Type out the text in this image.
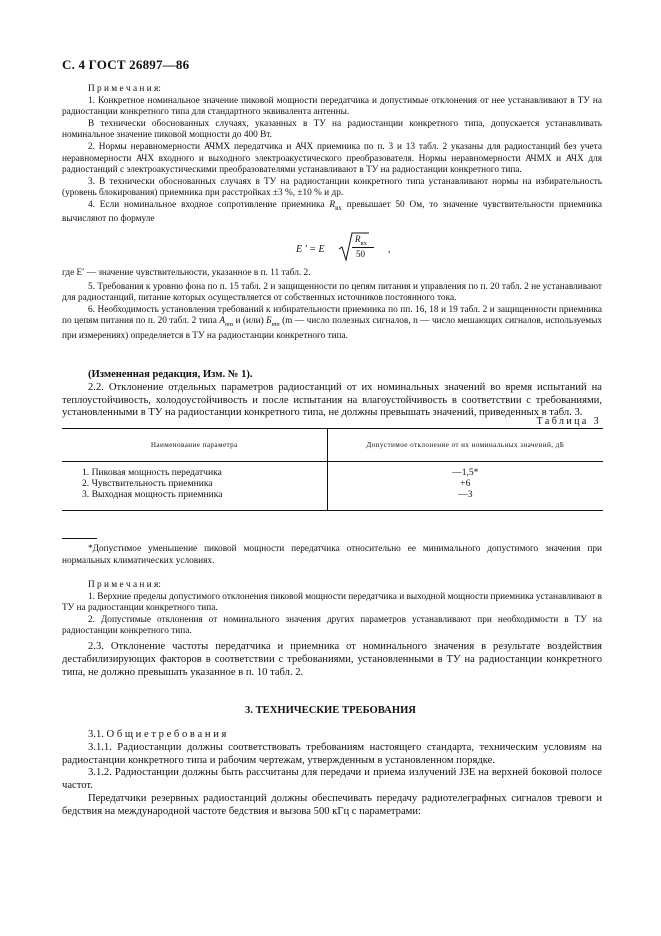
С. 4 ГОСТ 26897—86

П р и м е ч а н и я:

1. Конкретное номинальное значение пиковой мощности передатчика и допустимые отклонения от нее устанавливают в ТУ на радиостанции конкретного типа для стандартного эквивалента антенны.

В технически обоснованных случаях, указанных в ТУ на радиостанции конкретного типа, допускается устанавливать номинальное значение пиковой мощности до 400 Вт.

2. Нормы неравномерности АЧМХ передатчика и АЧХ приемника по п. 3 и 13 табл. 2 указаны для радиостанций без учета неравномерности АЧХ входного и выходного электроакустического преобразователя. Нормы неравномерности АЧМХ и АЧХ для радиостанций с электроакустическими преобразователями устанавливают в ТУ на радиостанции конкретного типа.

3. В технически обоснованных случаях в ТУ на радиостанции конкретного типа устанавливают нормы на избирательность (уровень блокирования) приемника при расстройках ±3 %, ±10 % и др.

4. Если номинальное входное сопротивление приемника $R_{вх}$ превышает 50 Ом, то значение чувствительности приемника вычисляют по формуле

E ′ = E
$R_{вх}$
50 ,

где E′ — значение чувствительности, указанное в п. 11 табл. 2.

5. Требования к уровню фона по п. 15 табл. 2 и защищенности по цепям питания и управления по п. 20 табл. 2 не устанавливают для радиостанций, питание которых осуществляется от собственных источников постоянного тока.

6. Необходимость установления требований к избирательности приемника по пп. 16, 18 и 19 табл. 2 и защищенности приемника по цепям питания по п. 20 табл. 2 типа $A_{mn}$ и (или) $Б_{mn}$ (m — число полезных сигналов, n — число мешающих сигналов, используемых при измерениях) определяется в ТУ на радиостанции конкретного типа.

(Измененная редакция, Изм. № 1).

2.2. Отклонение отдельных параметров радиостанций от их номинальных значений во время испытаний на теплоустойчивость, холодоустойчивость и после испытания на влагоустойчивость в соответствии с требованиями, установленными в ТУ на радиостанции конкретного типа, не должны превышать значений, приведенных в табл. 3.

Таблица 3
Наименование параметра	Допустимое отклонение от их номинальных значений, дБ
1. Пиковая мощность передатчика	—1,5*
2. Чувствительность приемника	+6
3. Выходная мощность приемника	—3

*Допустимое уменьшение пиковой мощности передатчика относительно ее минимального допустимого значения при нормальных климатических условиях.

П р и м е ч а н и я:

1. Верхние пределы допустимого отклонения пиковой мощности передатчика и выходной мощности приемника устанавливают в ТУ на радиостанции конкретного типа.

2. Допустимые отклонения от номинального значения других параметров устанавливают при необходимости в ТУ на радиостанции конкретного типа.

2.3. Отклонение частоты передатчика и приемника от номинального значения в результате воздействия дестабилизирующих факторов в соответствии с требованиями, установленными в ТУ на радиостанции конкретного типа, не должно превышать указанное в п. 10 табл. 2.

3. ТЕХНИЧЕСКИЕ ТРЕБОВАНИЯ

3.1. О б щ и е т р е б о в а н и я

3.1.1. Радиостанции должны соответствовать требованиям настоящего стандарта, техническим условиям на радиостанции конкретного типа и рабочим чертежам, утвержденным в установленном порядке.

3.1.2. Радиостанции должны быть рассчитаны для передачи и приема излучений J3E на верхней боковой полосе частот.

Передатчики резервных радиостанций должны обеспечивать передачу радиотелеграфных сигналов тревоги и бедствия на международной частоте бедствия и вызова 500 кГц с параметрами:
